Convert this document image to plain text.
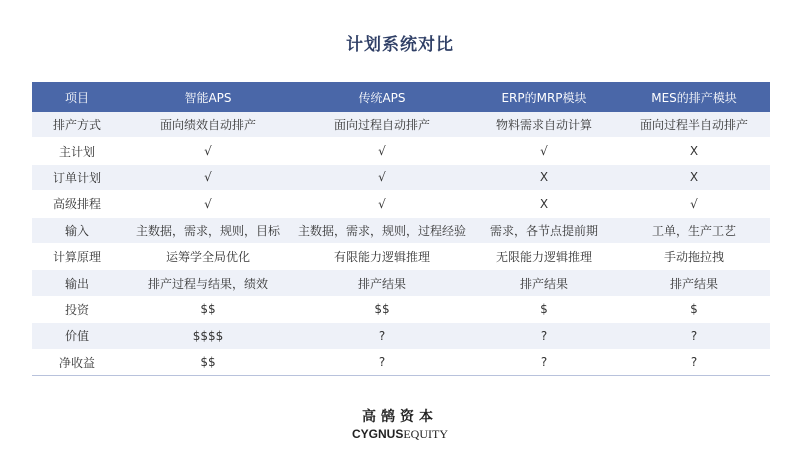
计划系统对比
项目	智能APS	传统APS	ERP的MRP模块	MES的排产模块
排产方式	面向绩效自动排产	面向过程自动排产	物料需求自动计算	面向过程半自动排产
主计划	√	√	√	X
订单计划	√	√	X	X
高级排程	√	√	X	√
输入	主数据，需求，规则，目标	主数据，需求，规则，过程经验	需求，各节点提前期	工单，生产工艺
计算原理	运筹学全局优化	有限能力逻辑推理	无限能力逻辑推理	手动拖拉拽
输出	排产过程与结果，绩效	排产结果	排产结果	排产结果
投资	$$	$$	$	$
价值	$$$$	?	?	?
净收益	$$	?	?	?
高鹄资本
CYGNUSEQUITY
